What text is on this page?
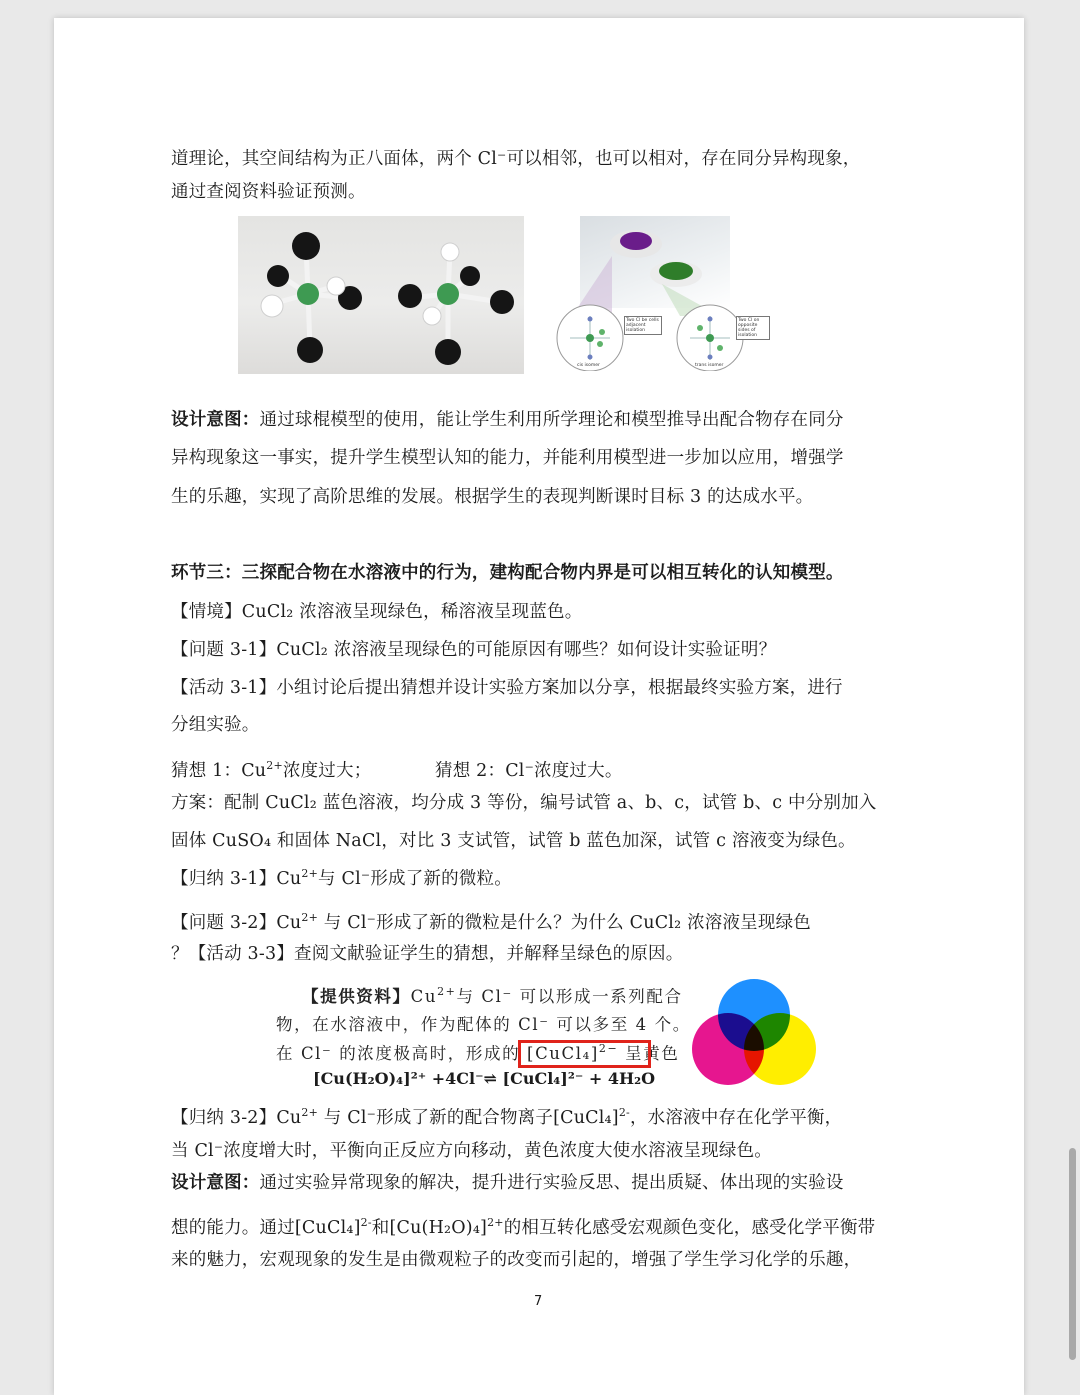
道理论，其空间结构为正八面体，两个 Cl⁻可以相邻，也可以相对，存在同分异构现象，
Two Cl be cells adjacent isolation
Two Cl on opposite sides of isolation
cis isomer	trans isomer
通过查阅资料验证预测。
设计意图：通过球棍模型的使用，能让学生利用所学理论和模型推导出配合物存在同分
异构现象这一事实，提升学生模型认知的能力，并能利用模型进一步加以应用，增强学
生的乐趣，实现了高阶思维的发展。根据学生的表现判断课时目标 3 的达成水平。
环节三：三探配合物在水溶液中的行为，建构配合物内界是可以相互转化的认知模型。
【情境】CuCl₂ 浓溶液呈现绿色，稀溶液呈现蓝色。
【问题 3-1】CuCl₂ 浓溶液呈现绿色的可能原因有哪些？如何设计实验证明？
【活动 3-1】小组讨论后提出猜想并设计实验方案加以分享，根据最终实验方案，进行
分组实验。
猜想 1：$Cu^{2+}$浓度过大；	猜想 2：Cl⁻浓度过大。
方案：配制 CuCl₂ 蓝色溶液，均分成 3 等份，编号试管 a、b、c，试管 b、c 中分别加入
固体 CuSO₄ 和固体 NaCl，对比 3 支试管，试管 b 蓝色加深，试管 c 溶液变为绿色。
【归纳 3-1】$Cu^{2+}$与 Cl⁻形成了新的微粒。
【问题 3-2】$Cu^{2+}$ 与 Cl⁻形成了新的微粒是什么？为什么 CuCl₂ 浓溶液呈现绿色
？【活动 3-3】查阅文献验证学生的猜想，并解释呈绿色的原因。
【提供资料】$Cu^{2+}$与 Cl⁻ 可以形成一系列配合
物，在水溶液中，作为配体的 Cl⁻ 可以多至 4 个。
在 Cl⁻ 的浓度极高时，形成的 [CuCl₄]$^{2-}$ 呈黄色
[Cu(H₂O)₄]²⁺ +4Cl⁻⇌ [CuCl₄]²⁻ + 4H₂O
【归纳 3-2】$Cu^{2+}$ 与 Cl⁻形成了新的配合物离子[CuCl₄]$^{2-}$，水溶液中存在化学平衡，
当 Cl⁻浓度增大时，平衡向正反应方向移动，黄色浓度大使水溶液呈现绿色。
设计意图：通过实验异常现象的解决，提升进行实验反思、提出质疑、体出现的实验设
想的能力。通过[CuCl₄]$^{2-}$和$[Cu(H_2O)_4]^{2+}$的相互转化感受宏观颜色变化，感受化学平衡带
来的魅力，宏观现象的发生是由微观粒子的改变而引起的，增强了学生学习化学的乐趣，
7
